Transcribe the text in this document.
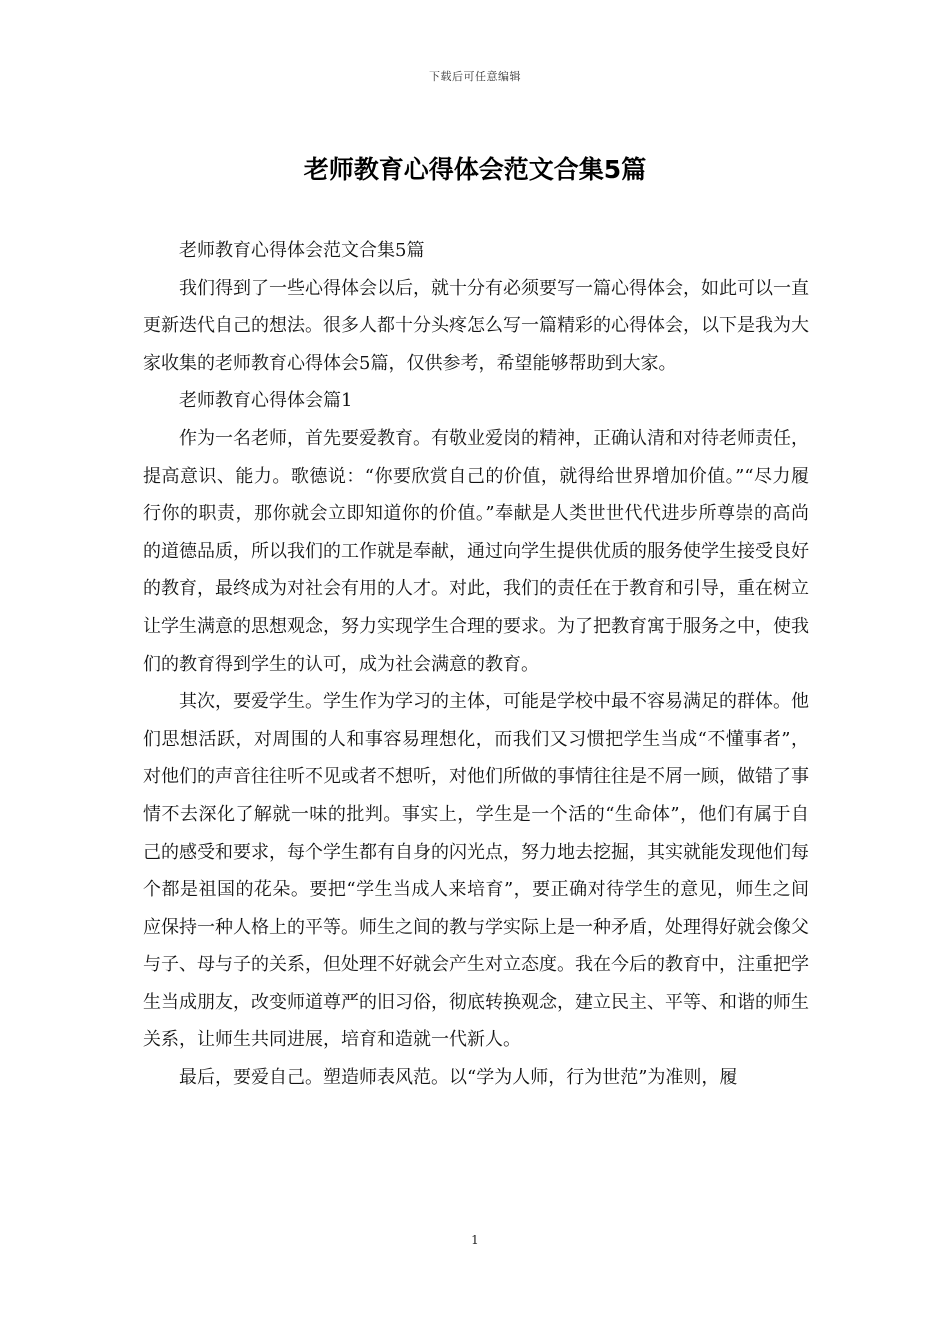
下载后可任意编辑
老师教育心得体会范文合集5篇

老师教育心得体会范文合集5篇

我们得到了一些心得体会以后，就十分有必须要写一篇心得体会，如此可以一直更新迭代自己的想法。很多人都十分头疼怎么写一篇精彩的心得体会，以下是我为大家收集的老师教育心得体会5篇，仅供参考，希望能够帮助到大家。

老师教育心得体会篇1

作为一名老师，首先要爱教育。有敬业爱岗的精神，正确认清和对待老师责任，提高意识、能力。歌德说：“你要欣赏自己的价值，就得给世界增加价值。”“尽力履行你的职责，那你就会立即知道你的价值。”奉献是人类世世代代进步所尊崇的高尚的道德品质，所以我们的工作就是奉献，通过向学生提供优质的服务使学生接受良好的教育，最终成为对社会有用的人才。对此，我们的责任在于教育和引导，重在树立让学生满意的思想观念，努力实现学生合理的要求。为了把教育寓于服务之中，使我们的教育得到学生的认可，成为社会满意的教育。

其次，要爱学生。学生作为学习的主体，可能是学校中最不容易满足的群体。他们思想活跃，对周围的人和事容易理想化，而我们又习惯把学生当成“不懂事者”，对他们的声音往往听不见或者不想听，对他们所做的事情往往是不屑一顾，做错了事情不去深化了解就一味的批判。事实上，学生是一个活的“生命体”，他们有属于自己的感受和要求，每个学生都有自身的闪光点，努力地去挖掘，其实就能发现他们每个都是祖国的花朵。要把“学生当成人来培育”，要正确对待学生的意见，师生之间应保持一种人格上的平等。师生之间的教与学实际上是一种矛盾，处理得好就会像父与子、母与子的关系，但处理不好就会产生对立态度。我在今后的教育中，注重把学生当成朋友，改变师道尊严的旧习俗，彻底转换观念，建立民主、平等、和谐的师生关系，让师生共同进展，培育和造就一代新人。

最后，要爱自己。塑造师表风范。以“学为人师，行为世范”为准则，履

1
